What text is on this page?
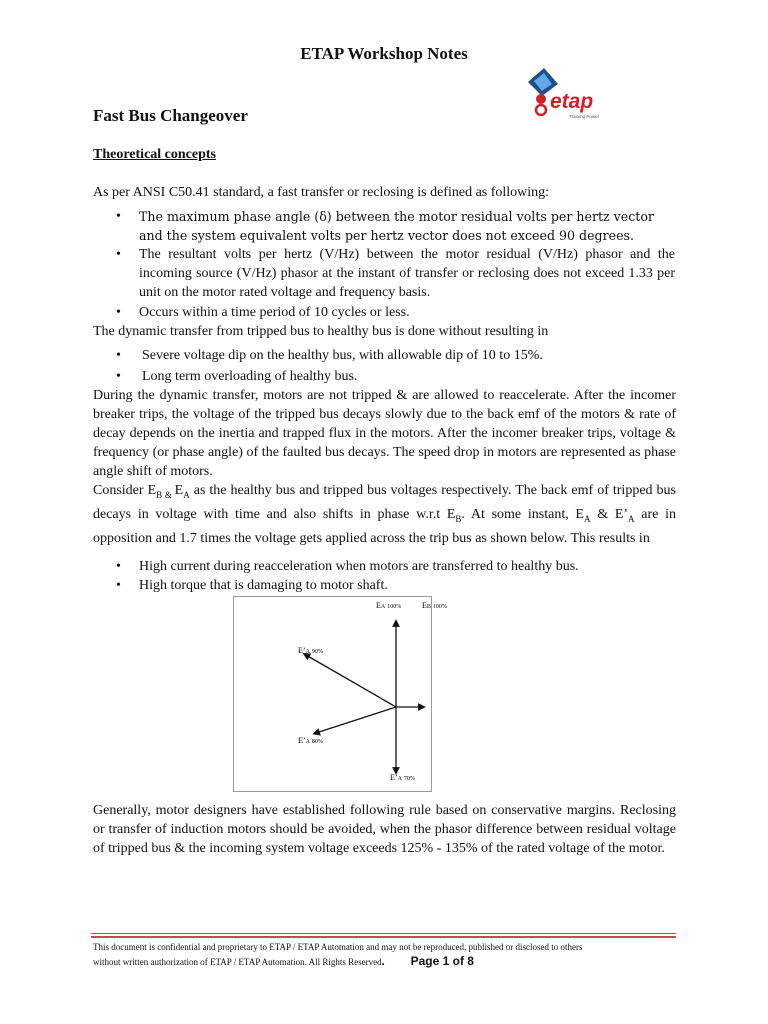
ETAP Workshop Notes
etap
Training Power
Fast Bus Changeover
Theoretical concepts
As per ANSI C50.41 standard, a fast transfer or reclosing is defined as following:
• The maximum phase angle (δ) between the motor residual volts per hertz vector and the system equivalent volts per hertz vector does not exceed 90 degrees.
• The resultant volts per hertz (V/Hz) between the motor residual (V/Hz) phasor and the incoming source (V/Hz) phasor at the instant of transfer or reclosing does not exceed 1.33 per unit on the motor rated voltage and frequency basis.
• Occurs within a time period of 10 cycles or less.
The dynamic transfer from tripped bus to healthy bus is done without resulting in
• Severe voltage dip on the healthy bus, with allowable dip of 10 to 15%.
• Long term overloading of healthy bus.
During the dynamic transfer, motors are not tripped & are allowed to reaccelerate. After the incomer breaker trips, the voltage of the tripped bus decays slowly due to the back emf of the motors & rate of decay depends on the inertia and trapped flux in the motors. After the incomer breaker trips, voltage & frequency (or phase angle) of the faulted bus decays. The speed drop in motors are represented as phase angle shift of motors.
Consider $E_{B \&}$ $E_A$ as the healthy bus and tripped bus voltages respectively. The back emf of tripped bus decays in voltage with time and also shifts in phase w.r.t $E_B$. At some instant, $E_A$ & $E’_A$ are in opposition and 1.7 times the voltage gets applied across the trip bus as shown below. This results in
• High current during reacceleration when motors are transferred to healthy bus.
• High torque that is damaging to motor shaft.
EA 100%	EB 100%
E’A 90%
E’A 80%
E’A 70%
Generally, motor designers have established following rule based on conservative margins. Reclosing or transfer of induction motors should be avoided, when the phasor difference between residual voltage of tripped bus & the incoming system voltage exceeds 125% - 135% of the rated voltage of the motor.
This document is confidential and proprietary to ETAP / ETAP Automation and may not be reproduced, published or disclosed to others
without written authorization of ETAP / ETAP Automation. All Rights Reserved. Page 1 of 8
